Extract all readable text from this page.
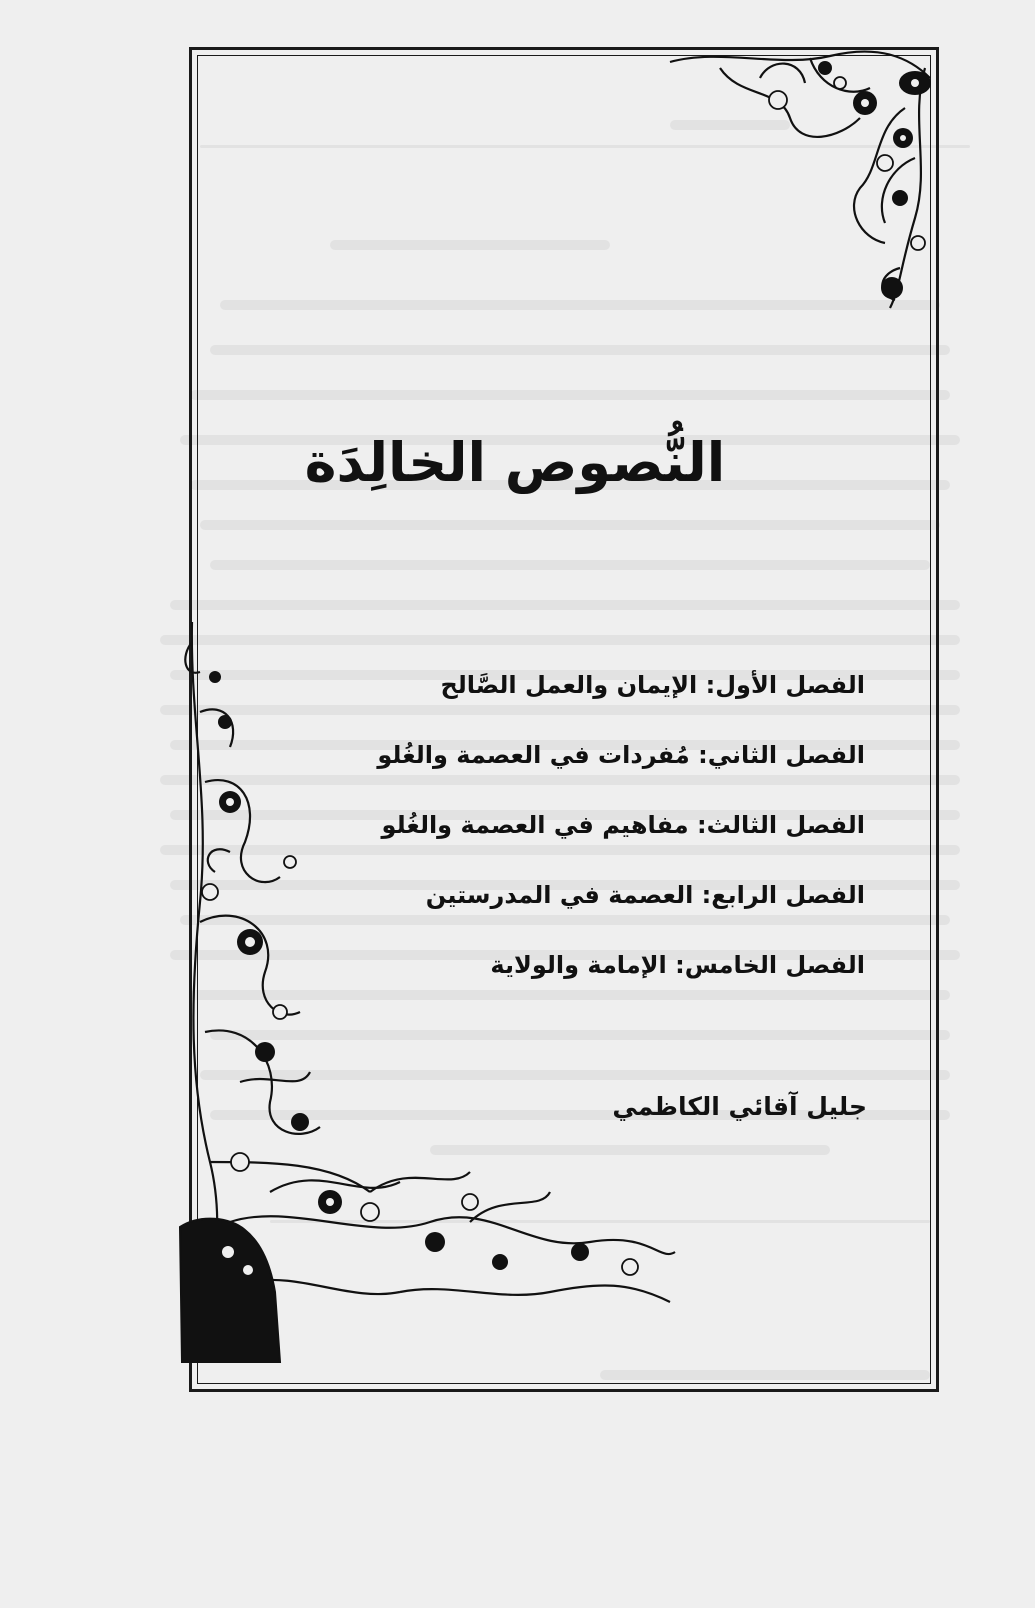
النُّصوص الخالِدَة
الفصل الأول: الإيمان والعمل الصَّالح
الفصل الثاني: مُفردات في العصمة والغُلو
الفصل الثالث: مفاهيم في العصمة والغُلو
الفصل الرابع: العصمة في المدرستين
الفصل الخامس: الإمامة والولاية
جليل آقائي الكاظمي
